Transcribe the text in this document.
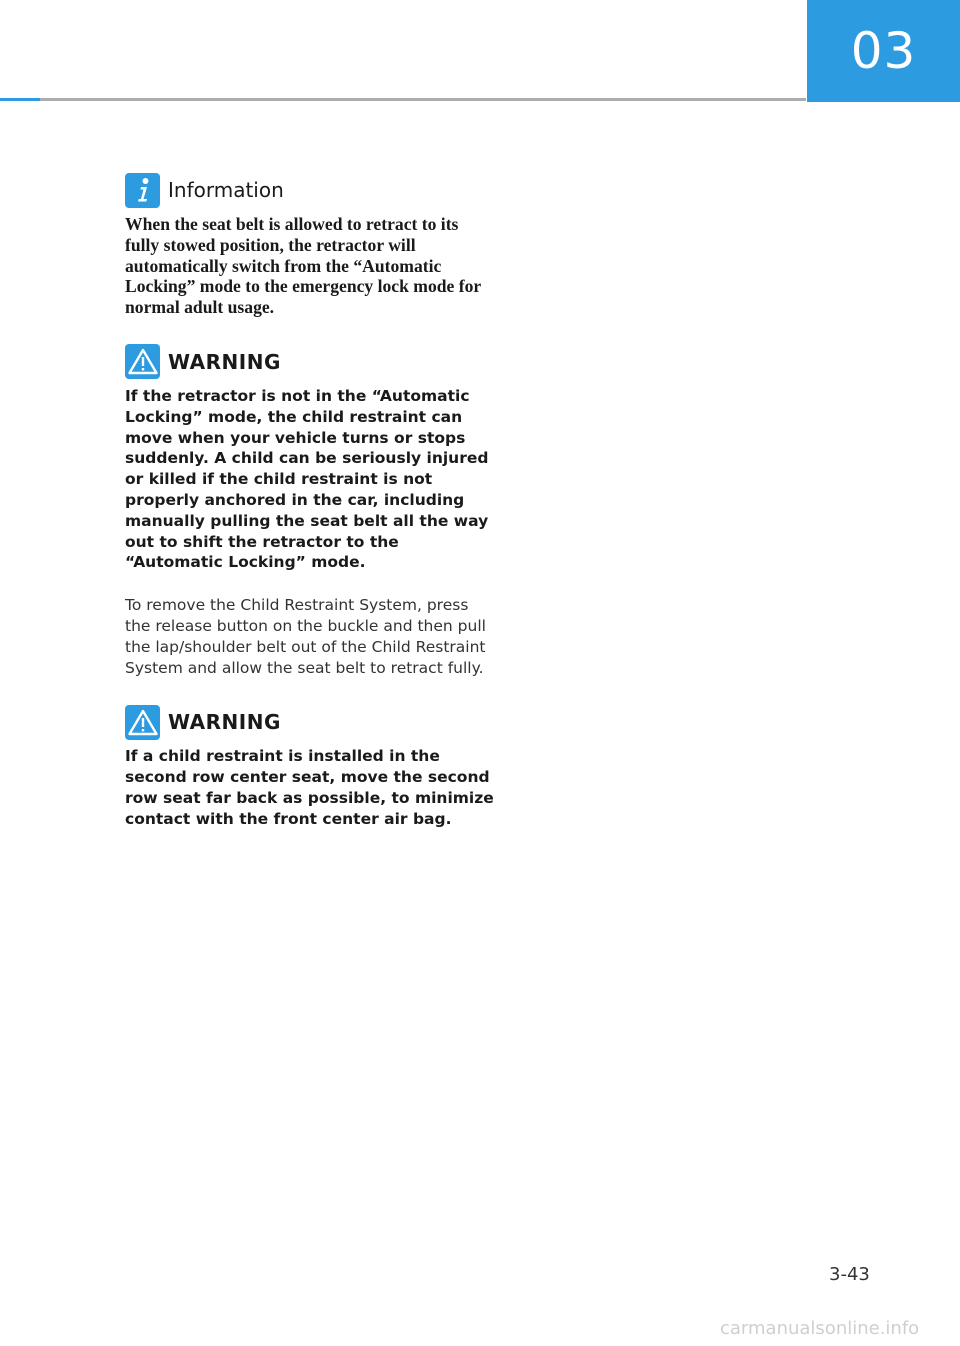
03
Information

When the seat belt is allowed to retract to its fully stowed position, the retractor will automatically switch from the “Automatic Locking” mode to the emergency lock mode for normal adult usage.

WARNING

If the retractor is not in the “Automatic Locking” mode, the child restraint can move when your vehicle turns or stops suddenly. A child can be seriously injured or killed if the child restraint is not properly anchored in the car, including manually pulling the seat belt all the way out to shift the retractor to the “Automatic Locking” mode.

To remove the Child Restraint System, press the release button on the buckle and then pull the lap/shoulder belt out of the Child Restraint System and allow the seat belt to retract fully.

WARNING

If a child restraint is installed in the second row center seat, move the second row seat far back as possible, to minimize contact with the front center air bag.

3-43
carmanualsonline.info
